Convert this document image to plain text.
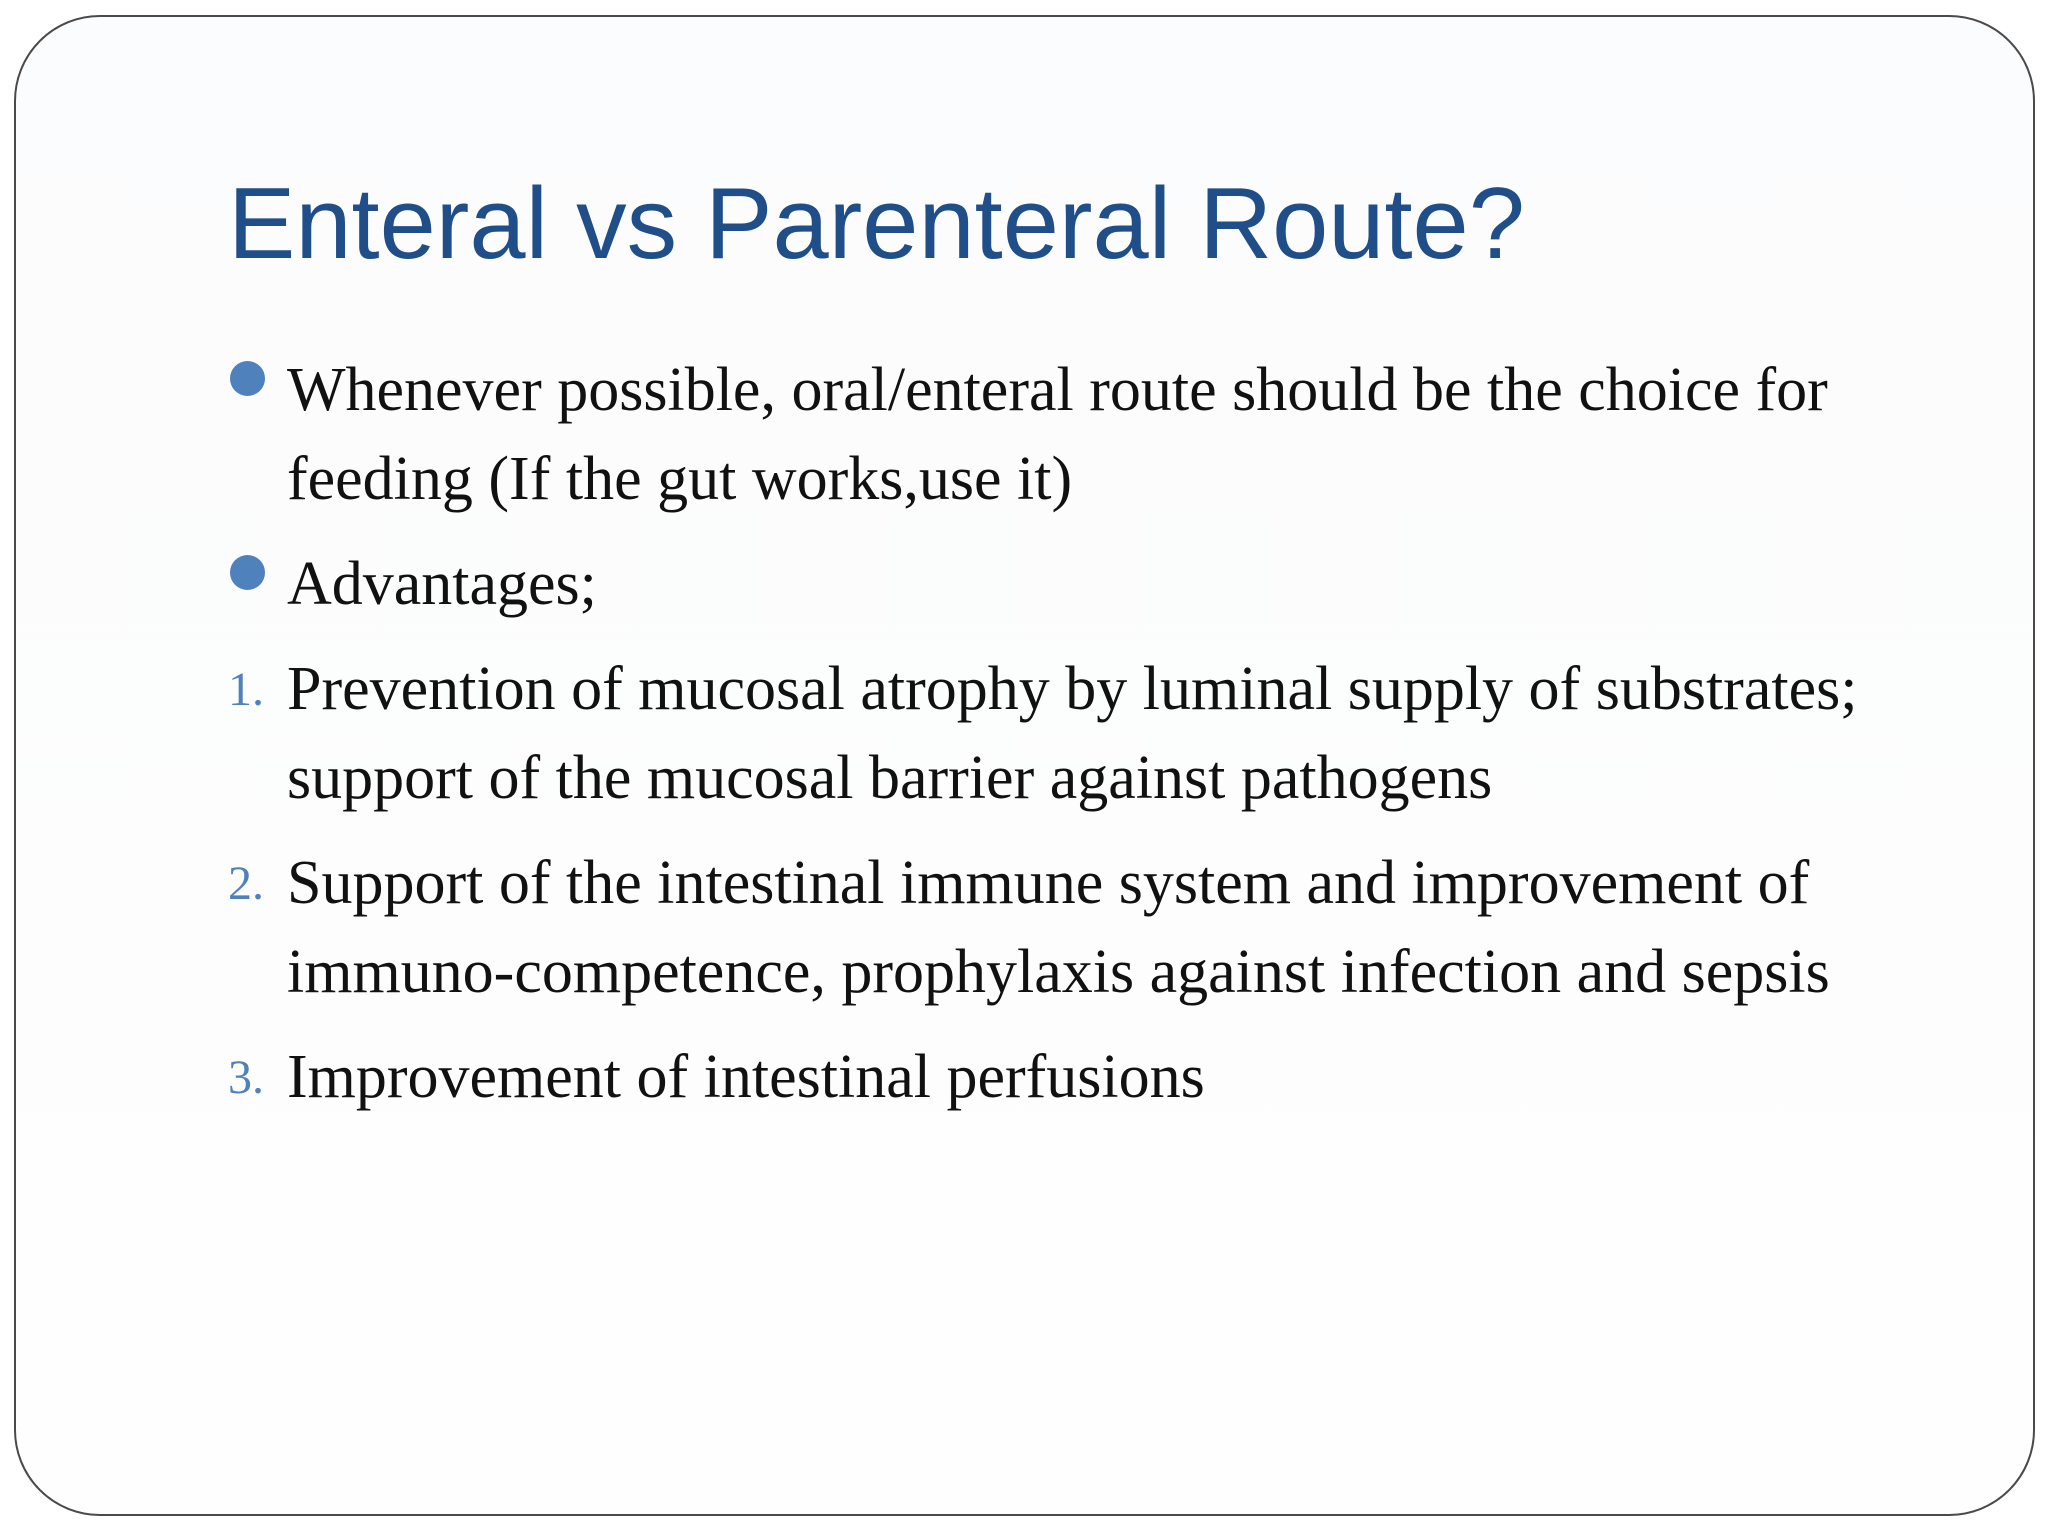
Enteral vs Parenteral Route?
Whenever possible, oral/enteral route should be the choice for feeding (If the gut works,use it)
Advantages;
1. Prevention of mucosal atrophy by luminal supply of substrates; support of the mucosal barrier against pathogens
2. Support of the intestinal immune system and improvement of immuno-competence, prophylaxis against infection and sepsis
3. Improvement of intestinal perfusions
